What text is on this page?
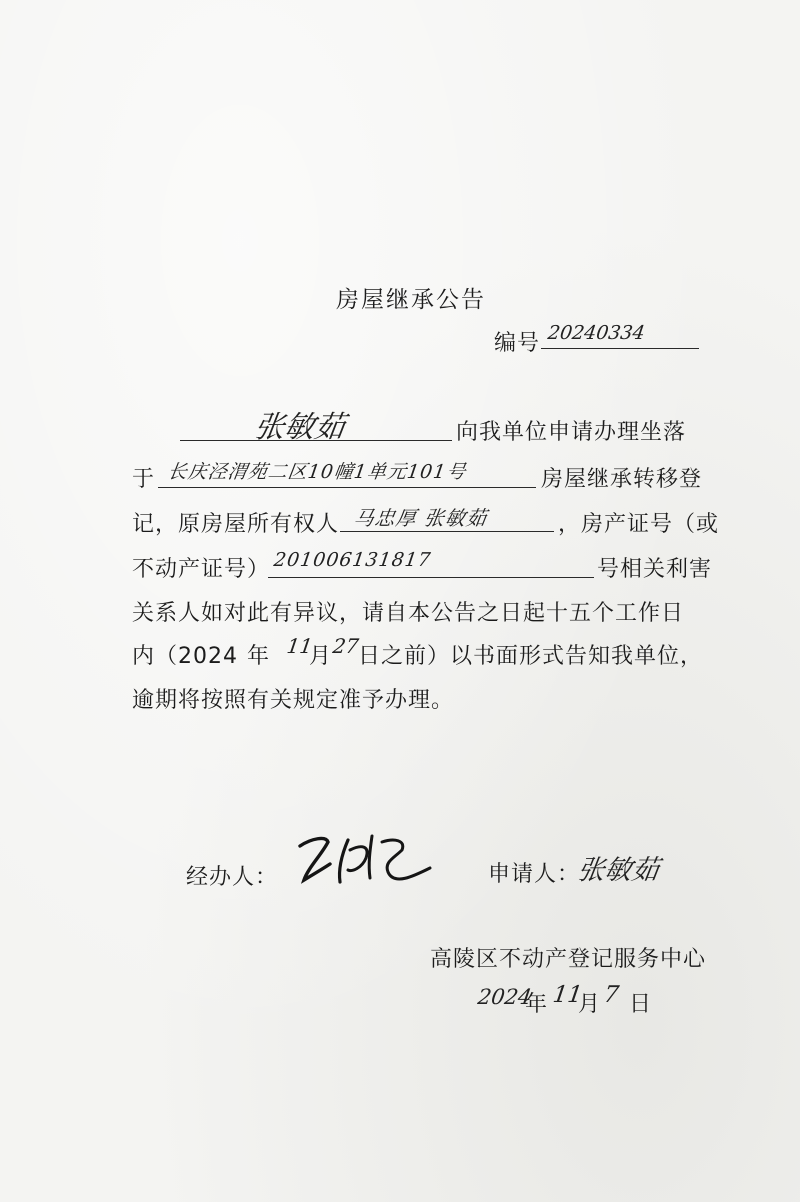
房屋继承公告
编号 20240334
张敏茹	向我单位申请办理坐落
于 长庆泾渭苑二区10幢1单元101号	房屋继承转移登
记，原房屋所有权人 马忠厚 张敏茹	，房产证号（或
不动产证号） 201006131817	号相关利害
关系人如对此有异议，请自本公告之日起十五个工作日
内（2024 年 11
月 27
日之前）以书面形式告知我单位，
逾期将按照有关规定准予办理。
经办人：	申请人：
张敏茹
高陵区不动产登记服务中心
2024
年 11
月 7 日
